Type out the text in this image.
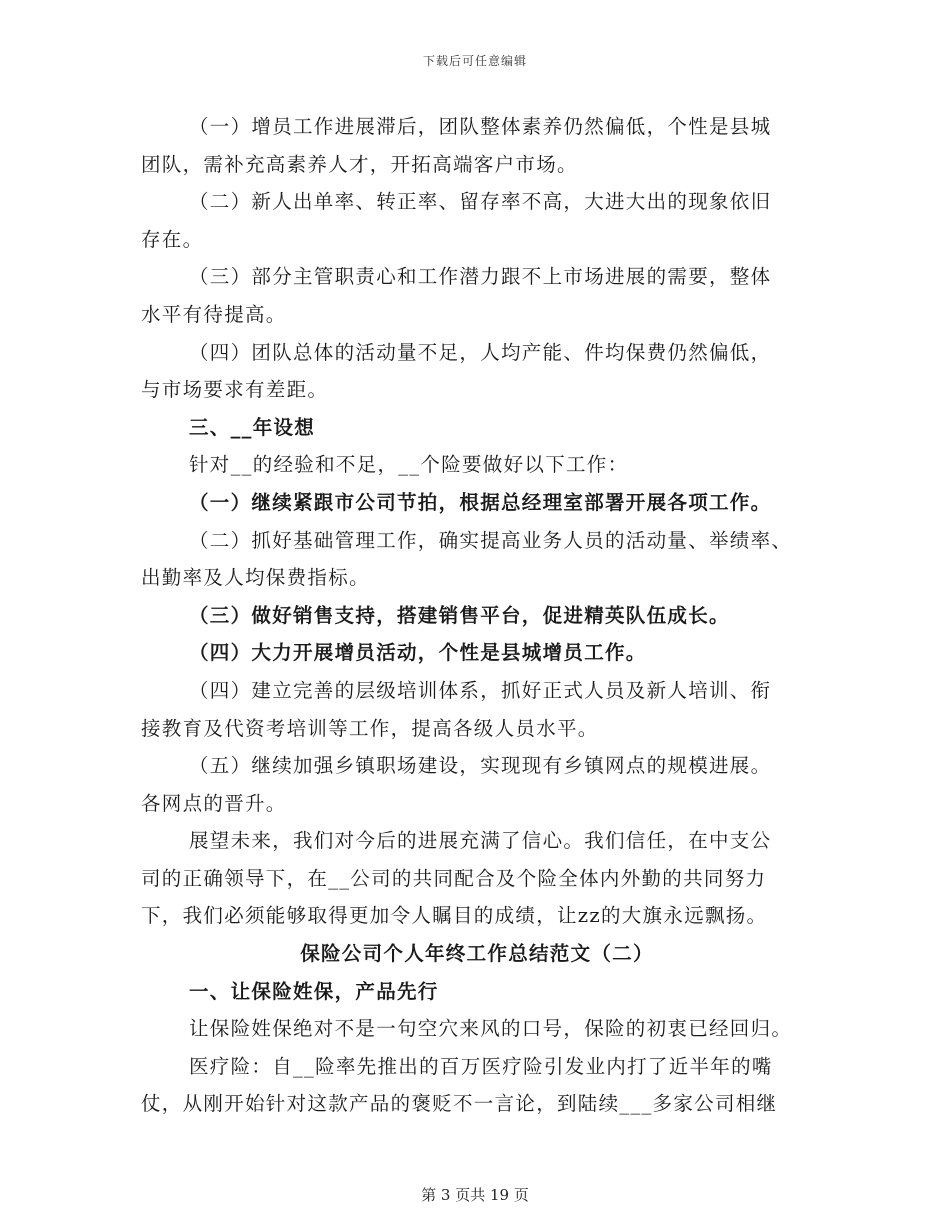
下载后可任意编辑
（一）增员工作进展滞后，团队整体素养仍然偏低，个性是县城
团队，需补充高素养人才，开拓高端客户市场。
（二）新人出单率、转正率、留存率不高，大进大出的现象依旧
存在。
（三）部分主管职责心和工作潜力跟不上市场进展的需要，整体
水平有待提高。
（四）团队总体的活动量不足，人均产能、件均保费仍然偏低，
与市场要求有差距。
三、__年设想
针对__的经验和不足，__个险要做好以下工作：
（一）继续紧跟市公司节拍，根据总经理室部署开展各项工作。
（二）抓好基础管理工作，确实提高业务人员的活动量、举绩率、
出勤率及人均保费指标。
（三）做好销售支持，搭建销售平台，促进精英队伍成长。
（四）大力开展增员活动，个性是县城增员工作。
（四）建立完善的层级培训体系，抓好正式人员及新人培训、衔
接教育及代资考培训等工作，提高各级人员水平。
（五）继续加强乡镇职场建设，实现现有乡镇网点的规模进展。
各网点的晋升。
展望未来，我们对今后的进展充满了信心。我们信任，在中支公
司的正确领导下，在__公司的共同配合及个险全体内外勤的共同努力
下，我们必须能够取得更加令人瞩目的成绩，让zz的大旗永远飘扬。
保险公司个人年终工作总结范文（二）
一、让保险姓保，产品先行
让保险姓保绝对不是一句空穴来风的口号，保险的初衷已经回归。
医疗险：自__险率先推出的百万医疗险引发业内打了近半年的嘴
仗，从刚开始针对这款产品的褒贬不一言论，到陆续___多家公司相继
第 3 页共 19 页
